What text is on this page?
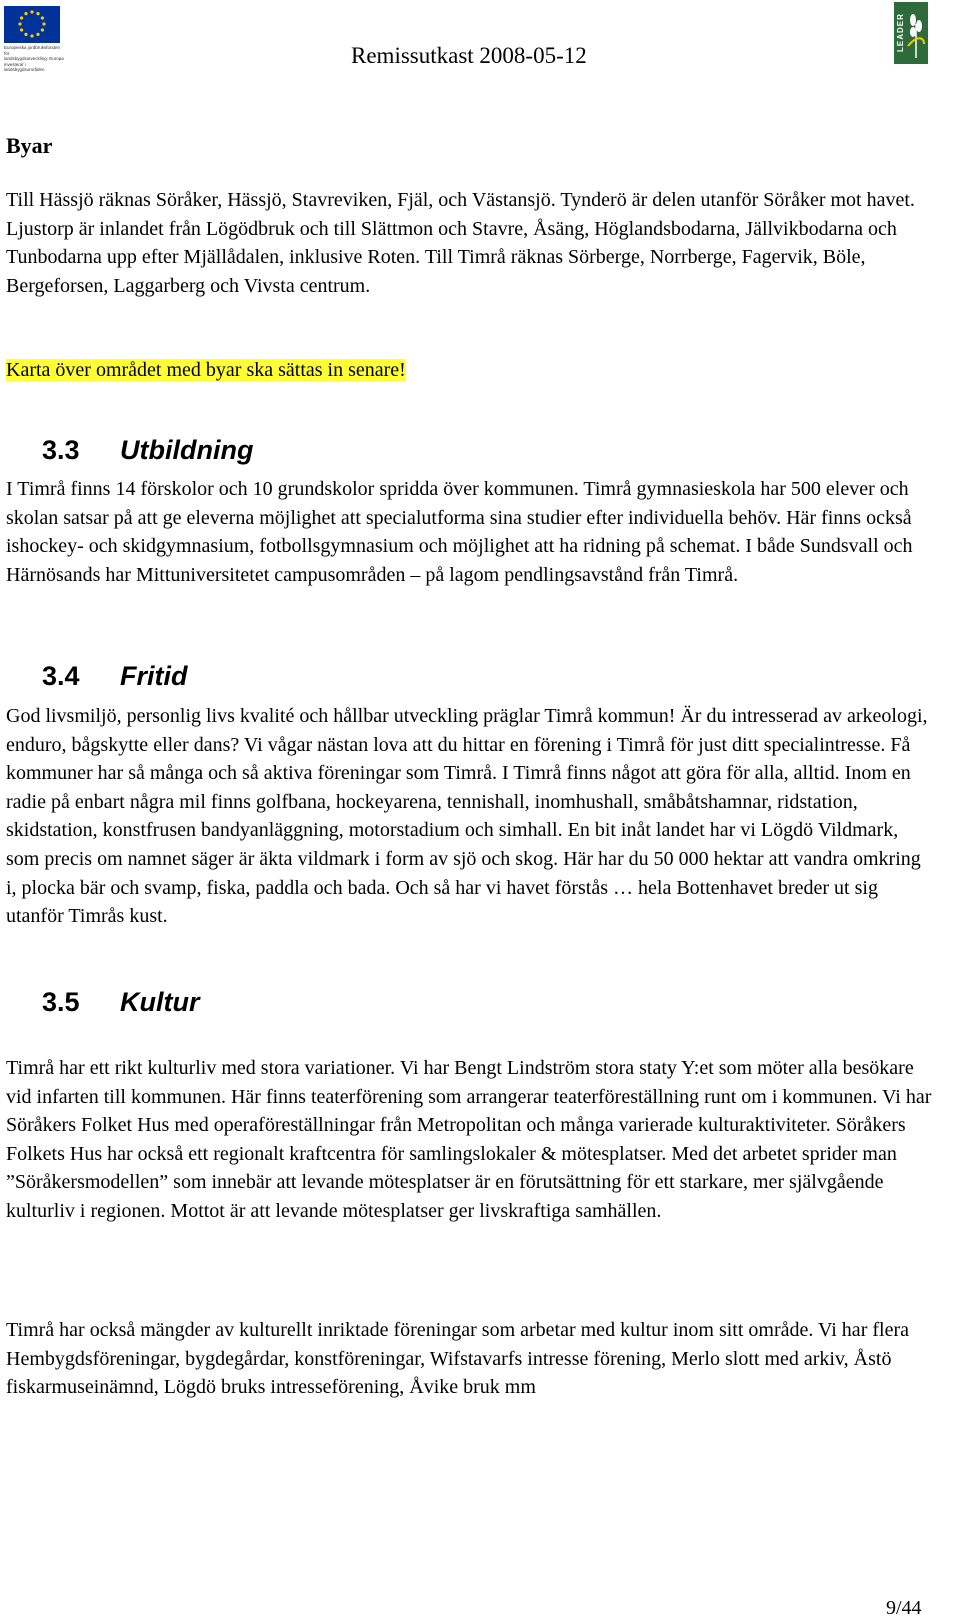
Europeiska jordbruksfonden för
landsbygdsutveckling: Europa
investerar i landsbygdsområden
Remissutkast 2008-05-12
LEADER
Byar
Till Hässjö räknas Söråker, Hässjö, Stavreviken, Fjäl, och Västansjö. Tynderö är delen utanför Söråker mot havet. Ljustorp är inlandet från Lögödbruk och till Slättmon och Stavre, Åsäng, Höglandsbodarna, Jällvikbodarna och Tunbodarna upp efter Mjällådalen, inklusive Roten. Till Timrå räknas Sörberge, Norrberge, Fagervik, Böle, Bergeforsen, Laggarberg och Vivsta centrum.
Karta över området med byar ska sättas in senare!
3.3	Utbildning
I Timrå finns 14 förskolor och 10 grundskolor spridda över kommunen. Timrå gymnasieskola har 500 elever och skolan satsar på att ge eleverna möjlighet att specialutforma sina studier efter individuella behöv. Här finns också ishockey- och skidgymnasium, fotbollsgymnasium och möjlighet att ha ridning på schemat. I både Sundsvall och Härnösands har Mittuniversitetet campusområden – på lagom pendlingsavstånd från Timrå.
3.4	Fritid
God livsmiljö, personlig livs kvalité och hållbar utveckling präglar Timrå kommun! Är du intresserad av arkeologi, enduro, bågskytte eller dans? Vi vågar nästan lova att du hittar en förening i Timrå för just ditt specialintresse. Få kommuner har så många och så aktiva föreningar som Timrå. I Timrå finns något att göra för alla, alltid. Inom en radie på enbart några mil finns golfbana, hockeyarena, tennishall, inomhushall, småbåtshamnar, ridstation, skidstation, konstfrusen bandyanläggning, motorstadium och simhall. En bit inåt landet har vi Lögdö Vildmark, som precis om namnet säger är äkta vildmark i form av sjö och skog. Här har du 50 000 hektar att vandra omkring i, plocka bär och svamp, fiska, paddla och bada. Och så har vi havet förstås … hela Bottenhavet breder ut sig utanför Timrås kust.
3.5	Kultur
Timrå har ett rikt kulturliv med stora variationer. Vi har Bengt Lindström stora staty Y:et som möter alla besökare vid infarten till kommunen. Här finns teaterförening som arrangerar teaterföreställning runt om i kommunen. Vi har Söråkers Folket Hus med operaföreställningar från Metropolitan och många varierade kulturaktiviteter. Söråkers Folkets Hus har också ett regionalt kraftcentra för samlingslokaler & mötesplatser. Med det arbetet sprider man ”Söråkersmodellen” som innebär att levande mötesplatser är en förutsättning för ett starkare, mer självgående kulturliv i regionen. Mottot är att levande mötesplatser ger livskraftiga samhällen.
Timrå har också mängder av kulturellt inriktade föreningar som arbetar med kultur inom sitt område. Vi har flera Hembygdsföreningar, bygdegårdar, konstföreningar, Wifstavarfs intresse förening, Merlo slott med arkiv, Åstö fiskarmuseinämnd, Lögdö bruks intresseförening, Åvike bruk mm
9/44
